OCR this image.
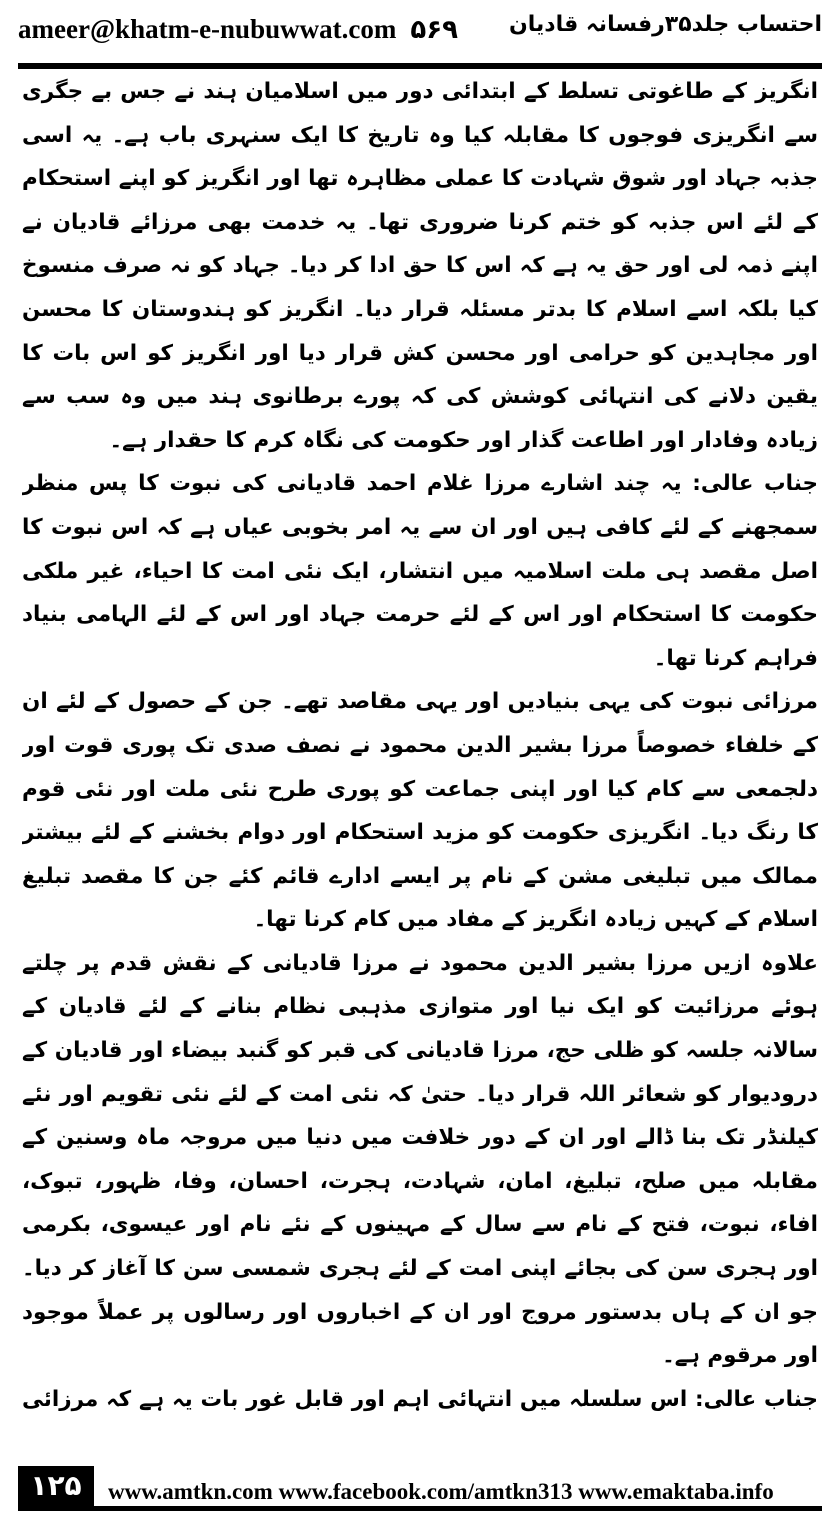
ameer@khatm-e-nubuwwat.com ۵۶۹ احتساب جلد۳۵رفسانہ قادیان

انگریز کے طاغوتی تسلط کے ابتدائی دور میں اسلامیان ہند نے جس بے جگری سے انگریزی فوجوں کا مقابلہ کیا وہ تاریخ کا ایک سنہری باب ہے۔ یہ اسی جذبہ جہاد اور شوق شہادت کا عملی مظاہرہ تھا اور انگریز کو اپنے استحکام کے لئے اس جذبہ کو ختم کرنا ضروری تھا۔ یہ خدمت بھی مرزائے قادیان نے اپنے ذمہ لی اور حق یہ ہے کہ اس کا حق ادا کر دیا۔ جہاد کو نہ صرف منسوخ کیا بلکہ اسے اسلام کا بدتر مسئلہ قرار دیا۔ انگریز کو ہندوستان کا محسن اور مجاہدین کو حرامی اور محسن کش قرار دیا اور انگریز کو اس بات کا یقین دلانے کی انتہائی کوشش کی کہ پورے برطانوی ہند میں وہ سب سے زیادہ وفادار اور اطاعت گذار اور حکومت کی نگاہ کرم کا حقدار ہے۔

جناب عالی: یہ چند اشارے مرزا غلام احمد قادیانی کی نبوت کا پس منظر سمجھنے کے لئے کافی ہیں اور ان سے یہ امر بخوبی عیاں ہے کہ اس نبوت کا اصل مقصد ہی ملت اسلامیہ میں انتشار، ایک نئی امت کا احیاء، غیر ملکی حکومت کا استحکام اور اس کے لئے حرمت جہاد اور اس کے لئے الہامی بنیاد فراہم کرنا تھا۔

مرزائی نبوت کی یہی بنیادیں اور یہی مقاصد تھے۔ جن کے حصول کے لئے ان کے خلفاء خصوصاً مرزا بشیر الدین محمود نے نصف صدی تک پوری قوت اور دلجمعی سے کام کیا اور اپنی جماعت کو پوری طرح نئی ملت اور نئی قوم کا رنگ دیا۔ انگریزی حکومت کو مزید استحکام اور دوام بخشنے کے لئے بیشتر ممالک میں تبلیغی مشن کے نام پر ایسے ادارے قائم کئے جن کا مقصد تبلیغ اسلام کے کہیں زیادہ انگریز کے مفاد میں کام کرنا تھا۔

علاوہ ازیں مرزا بشیر الدین محمود نے مرزا قادیانی کے نقش قدم پر چلتے ہوئے مرزائیت کو ایک نیا اور متوازی مذہبی نظام بنانے کے لئے قادیان کے سالانہ جلسہ کو ظلی حج، مرزا قادیانی کی قبر کو گنبد بیضاء اور قادیان کے درودیوار کو شعائر اللہ قرار دیا۔ حتیٰ کہ نئی امت کے لئے نئی تقویم اور نئے کیلنڈر تک بنا ڈالے اور ان کے دور خلافت میں دنیا میں مروجہ ماہ وسنین کے مقابلہ میں صلح، تبلیغ، امان، شہادت، ہجرت، احسان، وفا، ظہور، تبوک، افاء، نبوت، فتح کے نام سے سال کے مہینوں کے نئے نام اور عیسوی، بکرمی اور ہجری سن کی بجائے اپنی امت کے لئے ہجری شمسی سن کا آغاز کر دیا۔ جو ان کے ہاں بدستور مروج اور ان کے اخباروں اور رسالوں پر عملاً موجود اور مرقوم ہے۔

جناب عالی: اس سلسلہ میں انتہائی اہم اور قابل غور بات یہ ہے کہ مرزائی

۱۲۵	www.amtkn.com www.facebook.com/amtkn313 www.emaktaba.info
